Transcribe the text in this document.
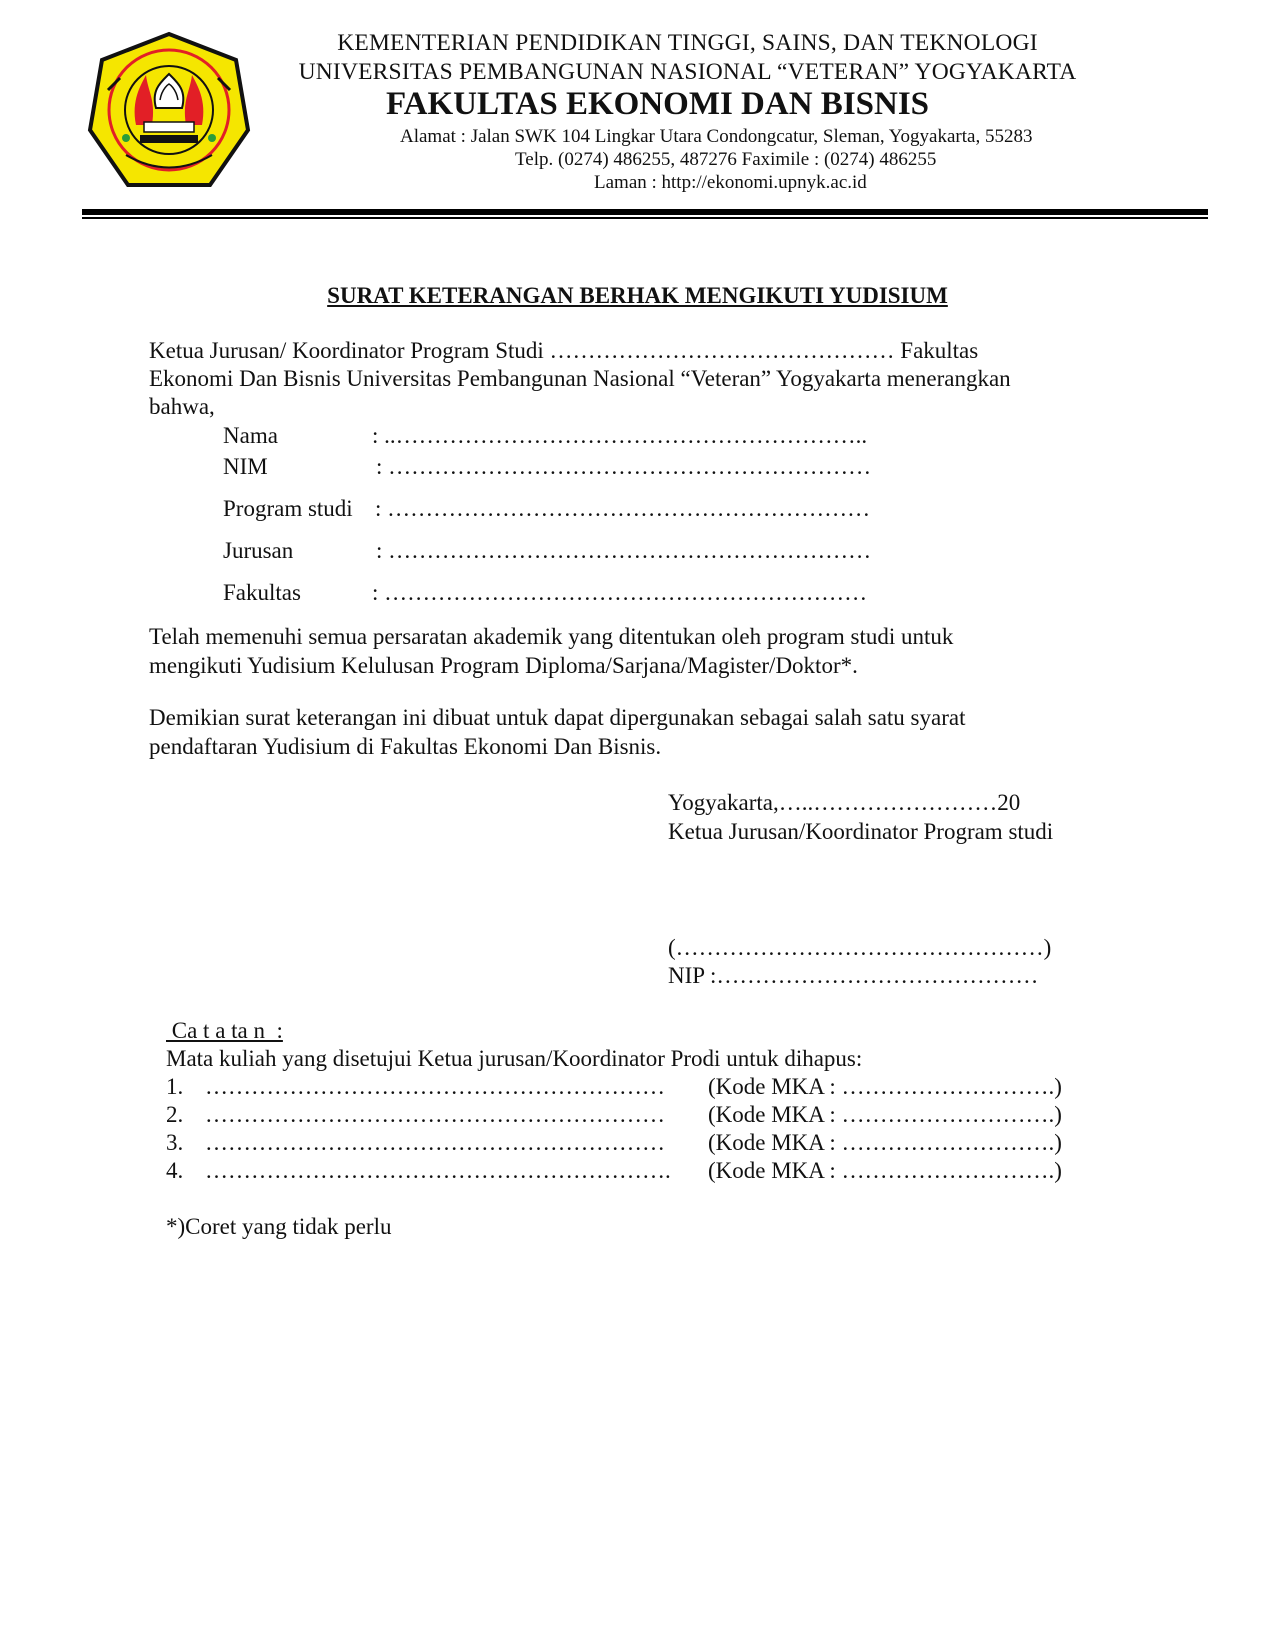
KEMENTERIAN PENDIDIKAN TINGGI, SAINS, DAN TEKNOLOGI
UNIVERSITAS PEMBANGUNAN NASIONAL “VETERAN” YOGYAKARTA
FAKULTAS EKONOMI DAN BISNIS
Alamat : Jalan SWK 104 Lingkar Utara Condongcatur, Sleman, Yogyakarta, 55283
Telp. (0274) 486255, 487276 Faximile : (0274) 486255
Laman : http://ekonomi.upnyk.ac.id
SURAT KETERANGAN BERHAK MENGIKUTI YUDISIUM
Ketua Jurusan/ Koordinator Program Studi ……………………………………… Fakultas
Ekonomi Dan Bisnis Universitas Pembangunan Nasional “Veteran” Yogyakarta menerangkan
bahwa,
Nama	: ..……………………………………………………..
NIM	: ………………………………………………………
Program studi : ………………………………………………………
Jurusan	: ………………………………………………………
Fakultas	: ………………………………………………………
Telah memenuhi semua persaratan akademik yang ditentukan oleh program studi untuk
mengikuti Yudisium Kelulusan Program Diploma/Sarjana/Magister/Doktor*.
Demikian surat keterangan ini dibuat untuk dapat dipergunakan sebagai salah satu syarat
pendaftaran Yudisium di Fakultas Ekonomi Dan Bisnis.
Yogyakarta,…..……………………20
Ketua Jurusan/Koordinator Program studi
(…………………………………………)
NIP :……………………………………
Ca t a ta n  :
Mata kuliah yang disetujui Ketua jurusan/Koordinator Prodi untuk dihapus:
1. …………………………………………………… (Kode MKA : ……………………….)
2. …………………………………………………… (Kode MKA : ……………………….)
3. …………………………………………………… (Kode MKA : ……………………….)
4. ……………………………………………………. (Kode MKA : ……………………….)
*)Coret yang tidak perlu
